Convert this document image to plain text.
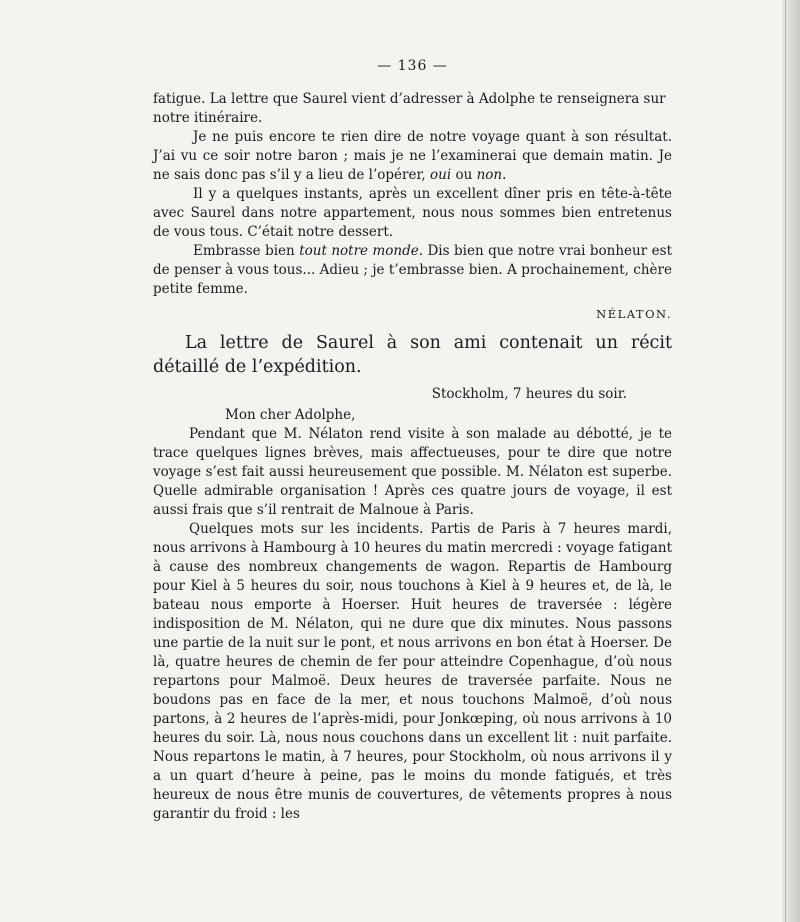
— 136 —

fatigue. La lettre que Saurel vient d’adresser à Adolphe te renseignera sur notre itinéraire.

Je ne puis encore te rien dire de notre voyage quant à son résultat. J’ai vu ce soir notre baron ; mais je ne l’examinerai que demain matin. Je ne sais donc pas s’il y a lieu de l’opérer, oui ou non.

Il y a quelques instants, après un excellent dîner pris en tête-à-tête avec Saurel dans notre appartement, nous nous sommes bien entretenus de vous tous. C’était notre dessert.

Embrasse bien tout notre monde. Dis bien que notre vrai bonheur est de penser à vous tous... Adieu ; je t’embrasse bien. A prochainement, chère petite femme.

NÉLATON.
La lettre de Saurel à son ami contenait un récit détaillé de l’expédition.
Stockholm, 7 heures du soir.
Mon cher Adolphe,

Pendant que M. Nélaton rend visite à son malade au débotté, je te trace quelques lignes brèves, mais affectueuses, pour te dire que notre voyage s’est fait aussi heureusement que possible. M. Nélaton est superbe. Quelle admirable organisation ! Après ces quatre jours de voyage, il est aussi frais que s’il rentrait de Malnoue à Paris.

Quelques mots sur les incidents. Partis de Paris à 7 heures mardi, nous arrivons à Hambourg à 10 heures du matin mercredi : voyage fatigant à cause des nombreux changements de wagon. Repartis de Hambourg pour Kiel à 5 heures du soir, nous touchons à Kiel à 9 heures et, de là, le bateau nous emporte à Hoerser. Huit heures de traversée : légère indisposition de M. Nélaton, qui ne dure que dix minutes. Nous passons une partie de la nuit sur le pont, et nous arrivons en bon état à Hoerser. De là, quatre heures de chemin de fer pour atteindre Copenhague, d’où nous repartons pour Malmoë. Deux heures de traversée parfaite. Nous ne boudons pas en face de la mer, et nous touchons Malmoë, d’où nous partons, à 2 heures de l’après-midi, pour Jonkœping, où nous arrivons à 10 heures du soir. Là, nous nous couchons dans un excellent lit : nuit parfaite. Nous repartons le matin, à 7 heures, pour Stockholm, où nous arrivons il y a un quart d’heure à peine, pas le moins du monde fatigués, et très heureux de nous être munis de couvertures, de vêtements propres à nous garantir du froid : les
